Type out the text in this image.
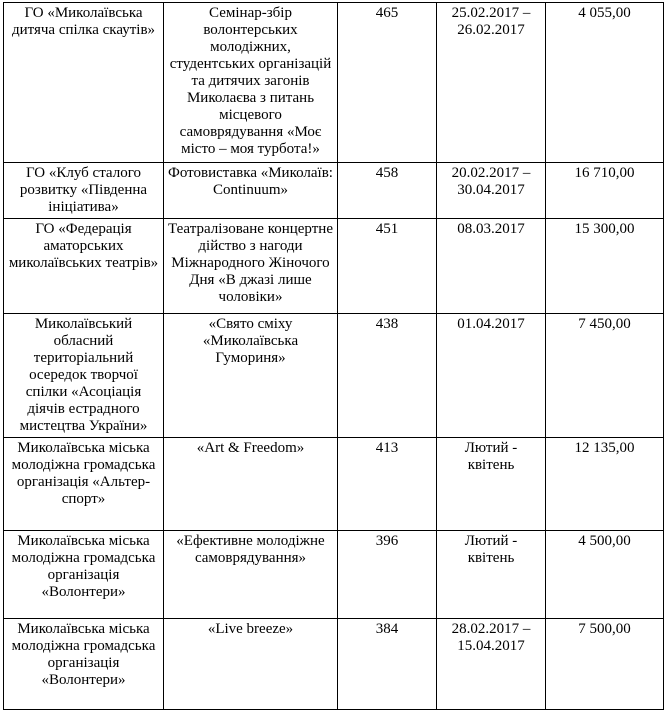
ГО «Миколаївська дитяча спілка скаутів»	Семінар-збір волонтерських молодіжних, студентських організацій та дитячих загонів Миколаєва з питань місцевого самоврядування «Моє місто – моя турбота!»	465	25.02.2017 – 26.02.2017	4 055,00
ГО «Клуб сталого розвитку «Південна ініціатива»	Фотовиставка «Миколаїв: Continuum»	458	20.02.2017 – 30.04.2017	16 710,00
ГО «Федерація аматорських миколаївських театрів»	Театралізоване концертне дійство з нагоди Міжнародного Жіночого Дня «В джазі лише чоловіки»	451	08.03.2017	15 300,00
Миколаївський обласний територіальний осередок творчої спілки «Асоціація діячів естрадного мистецтва України»	«Свято сміху «Миколаївська Гумориня»	438	01.04.2017	7 450,00
Миколаївська міська молодіжна громадська організація «Альтер-спорт»	«Art & Freedom»	413	Лютий - квітень	12 135,00
Миколаївська міська молодіжна громадська організація «Волонтери»	«Ефективне молодіжне самоврядування»	396	Лютий - квітень	4 500,00
Миколаївська міська молодіжна громадська організація «Волонтери»	«Live breeze»	384	28.02.2017 – 15.04.2017	7 500,00
